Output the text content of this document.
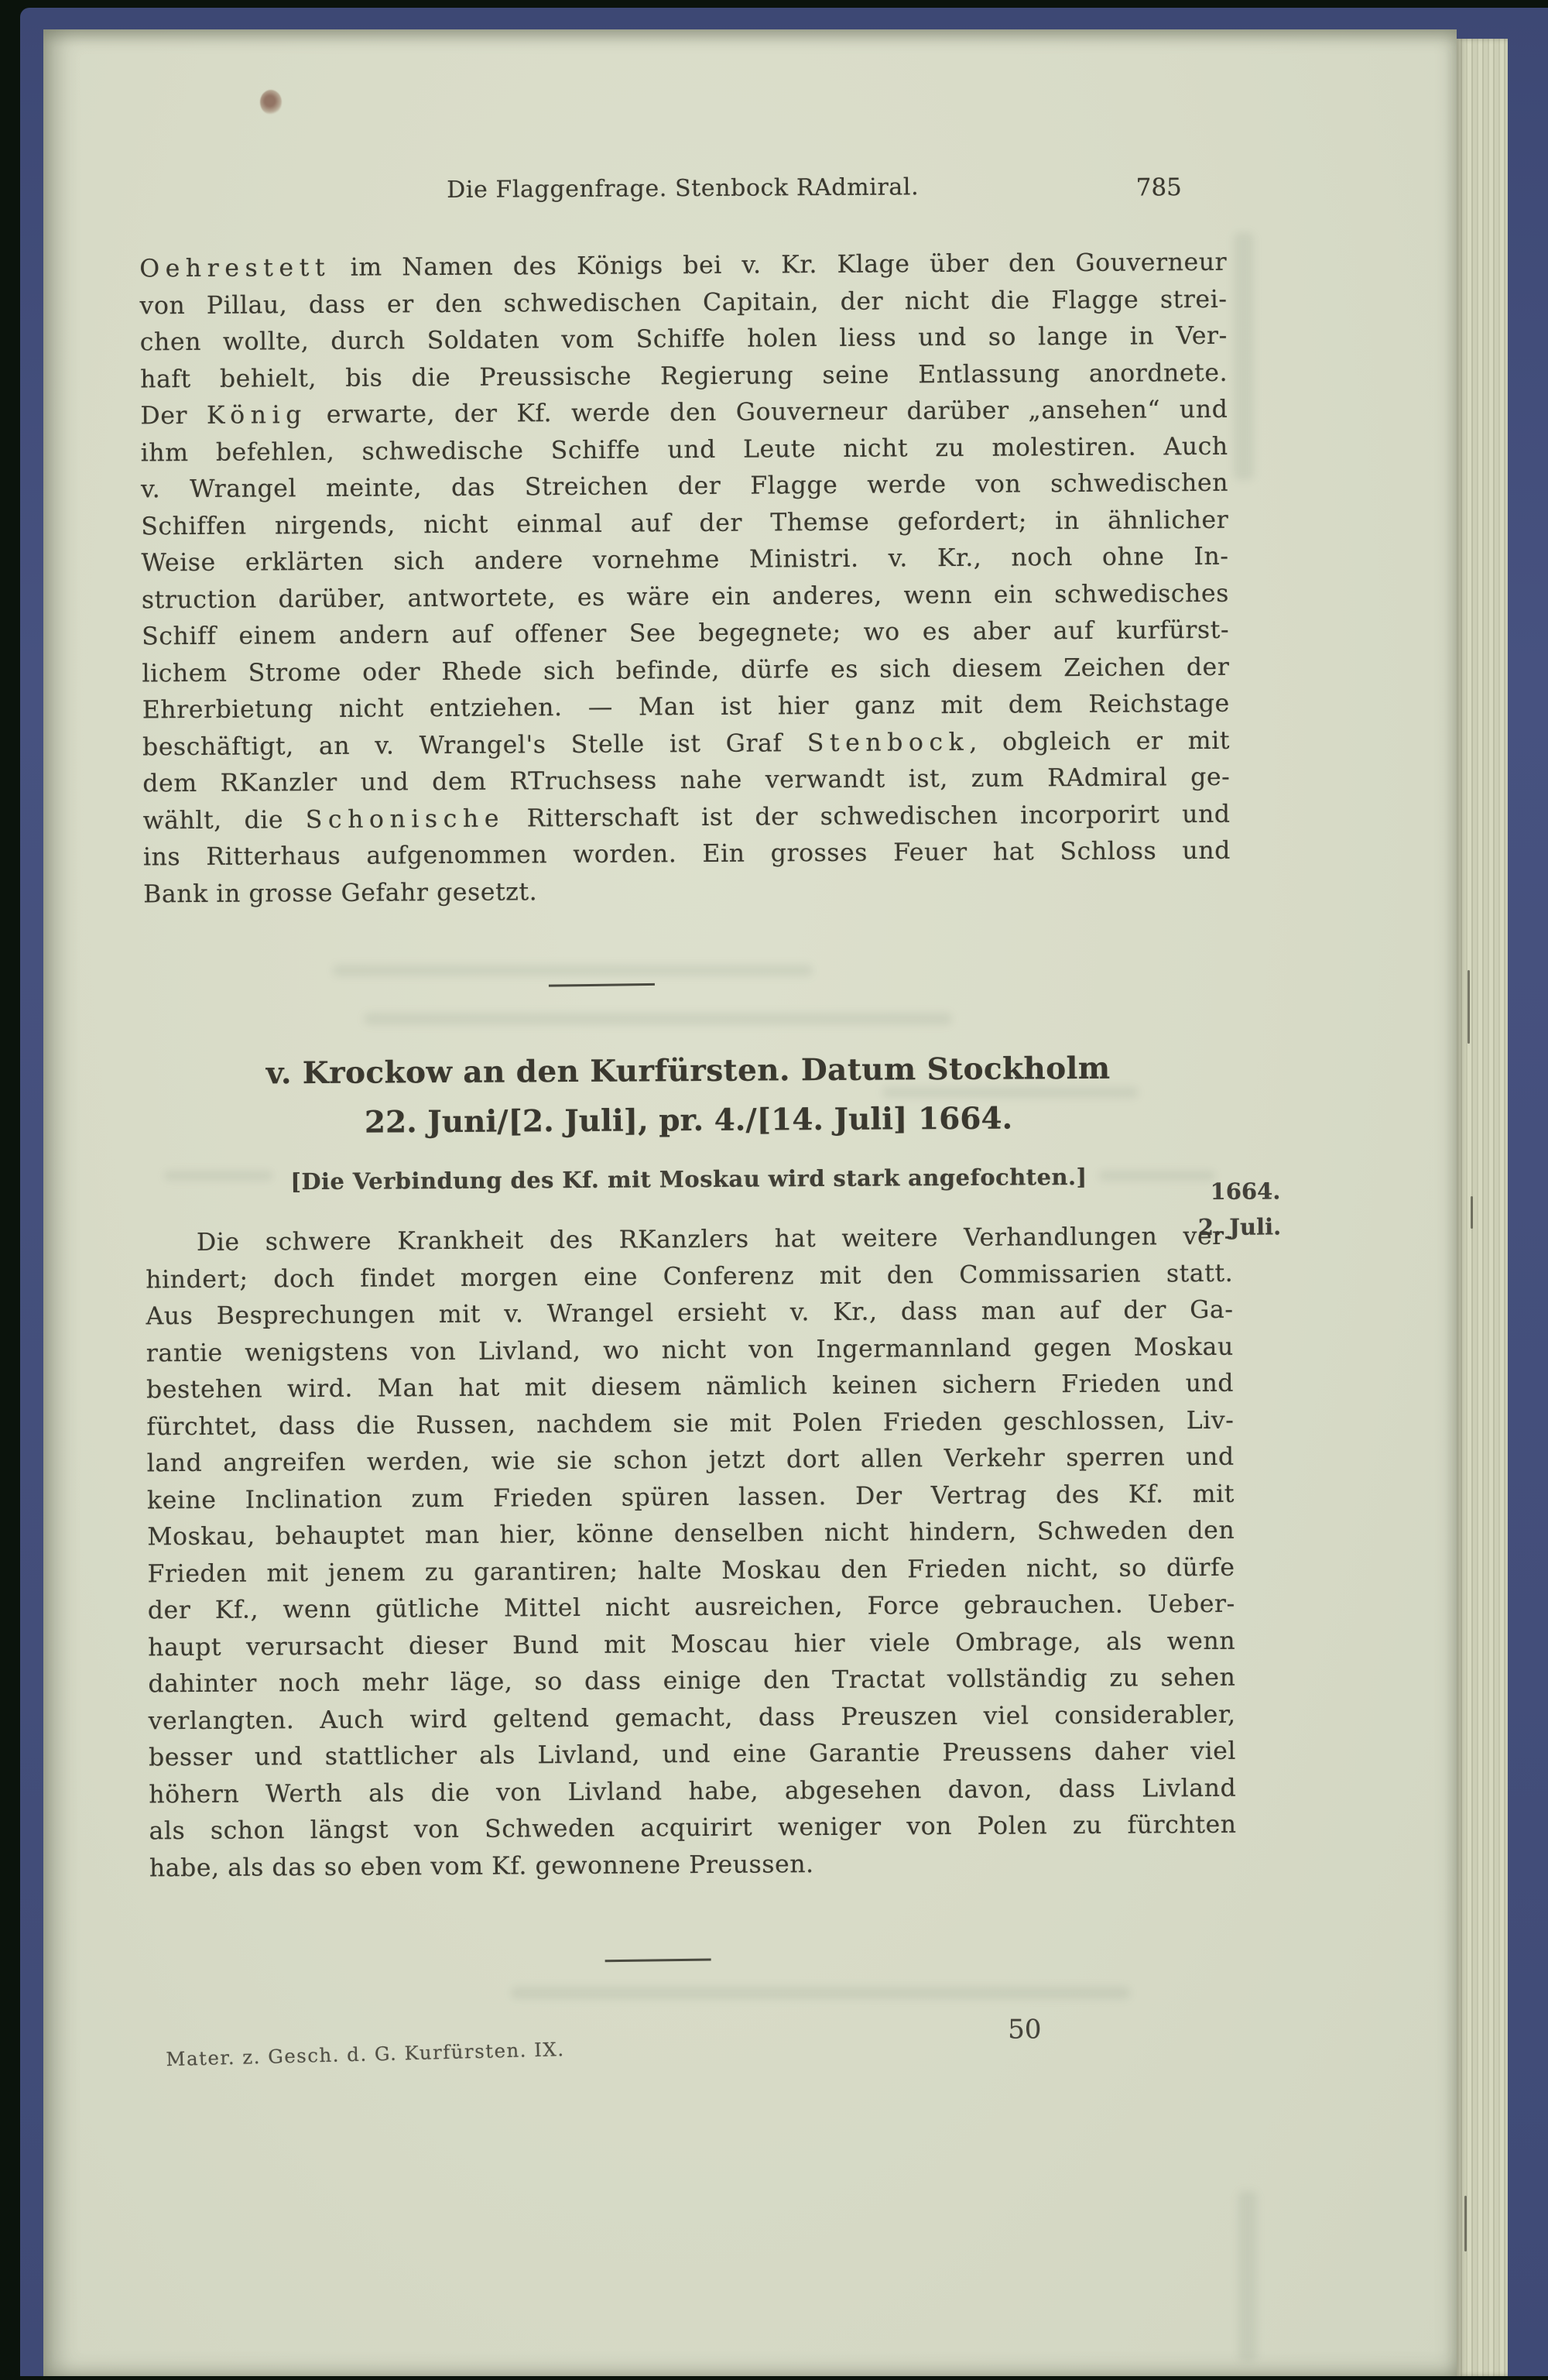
Die Flaggenfrage. Stenbock RAdmiral.	785
Oehrestett im Namen des Königs bei v. Kr. Klage über den Gouverneur
von Pillau, dass er den schwedischen Capitain, der nicht die Flagge strei-
chen wollte, durch Soldaten vom Schiffe holen liess und so lange in Ver-
haft behielt, bis die Preussische Regierung seine Entlassung anordnete.
Der König erwarte, der Kf. werde den Gouverneur darüber „ansehen“ und
ihm befehlen, schwedische Schiffe und Leute nicht zu molestiren. Auch
v. Wrangel meinte, das Streichen der Flagge werde von schwedischen
Schiffen nirgends, nicht einmal auf der Themse gefordert; in ähnlicher
Weise erklärten sich andere vornehme Ministri. v. Kr., noch ohne In-
struction darüber, antwortete, es wäre ein anderes, wenn ein schwedisches
Schiff einem andern auf offener See begegnete; wo es aber auf kurfürst-
lichem Strome oder Rhede sich befinde, dürfe es sich diesem Zeichen der
Ehrerbietung nicht entziehen. — Man ist hier ganz mit dem Reichstage
beschäftigt, an v. Wrangel's Stelle ist Graf Stenbock, obgleich er mit
dem RKanzler und dem RTruchsess nahe verwandt ist, zum RAdmiral ge-
wählt, die Schonische Ritterschaft ist der schwedischen incorporirt und
ins Ritterhaus aufgenommen worden. Ein grosses Feuer hat Schloss und
Bank in grosse Gefahr gesetzt.
v. Krockow an den Kurfürsten. Datum Stockholm
22. Juni/[2. Juli], pr. 4./[14. Juli] 1664.
[Die Verbindung des Kf. mit Moskau wird stark angefochten.]	1664.
2. Juli.
Die schwere Krankheit des RKanzlers hat weitere Verhandlungen ver-
hindert; doch findet morgen eine Conferenz mit den Commissarien statt.
Aus Besprechungen mit v. Wrangel ersieht v. Kr., dass man auf der Ga-
rantie wenigstens von Livland, wo nicht von Ingermannland gegen Moskau
bestehen wird. Man hat mit diesem nämlich keinen sichern Frieden und
fürchtet, dass die Russen, nachdem sie mit Polen Frieden geschlossen, Liv-
land angreifen werden, wie sie schon jetzt dort allen Verkehr sperren und
keine Inclination zum Frieden spüren lassen. Der Vertrag des Kf. mit
Moskau, behauptet man hier, könne denselben nicht hindern, Schweden den
Frieden mit jenem zu garantiren; halte Moskau den Frieden nicht, so dürfe
der Kf., wenn gütliche Mittel nicht ausreichen, Force gebrauchen. Ueber-
haupt verursacht dieser Bund mit Moscau hier viele Ombrage, als wenn
dahinter noch mehr läge, so dass einige den Tractat vollständig zu sehen
verlangten. Auch wird geltend gemacht, dass Preuszen viel considerabler,
besser und stattlicher als Livland, und eine Garantie Preussens daher viel
höhern Werth als die von Livland habe, abgesehen davon, dass Livland
als schon längst von Schweden acquirirt weniger von Polen zu fürchten
habe, als das so eben vom Kf. gewonnene Preussen.
Mater. z. Gesch. d. G. Kurfürsten. IX.
50
